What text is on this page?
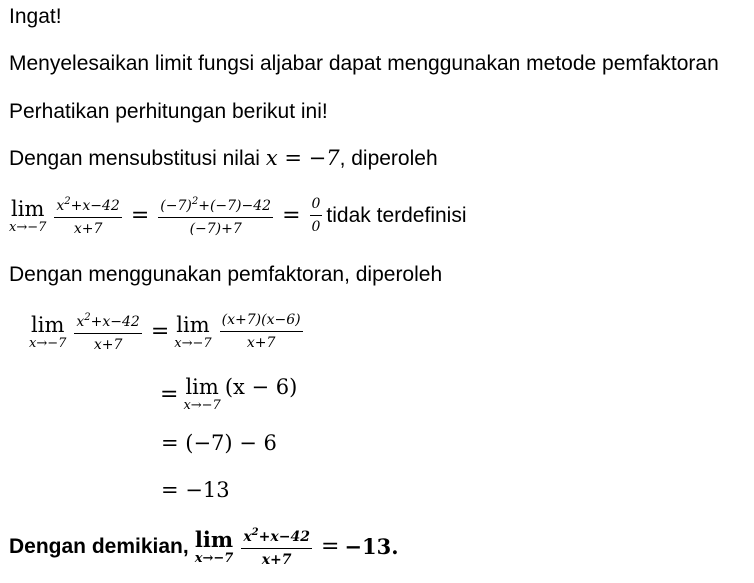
Ingat!
Menyelesaikan limit fungsi aljabar dapat menggunakan metode pemfaktoran
Perhatikan perhitungan berikut ini!
Dengan mensubstitusi nilai x = −7, diperoleh
lim
$x\to-7 \frac{x^2+x-42}{x+7} = \frac{(-7)^2+(-7)-42}{(-7)+7} = \frac{0}{0}$ tidak terdefinisi
Dengan menggunakan pemfaktoran, diperoleh
lim
$x\to-7 \frac{x^2+x-42}{x+7} = \lim$
$x\to-7 \frac{(x+7)(x-6)}{x+7}$
= lim
x→−7
(x − 6)
= (−7) − 6
= −13
Dengan demikian, lim
$x\to-7 \frac{x^2+x-42}{x+7} = -13$.
